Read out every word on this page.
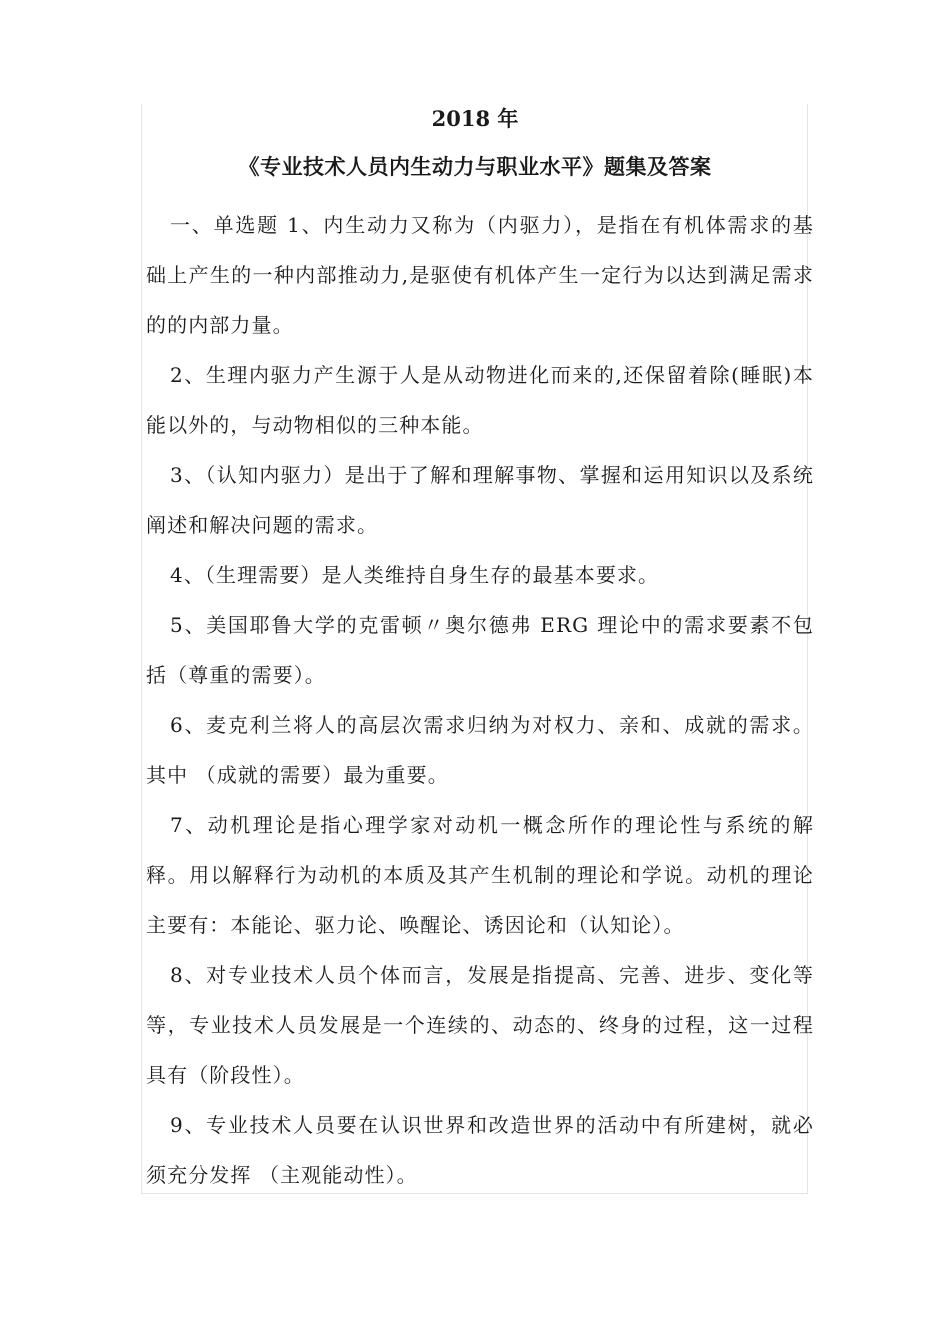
2018 年
《专业技术人员内生动力与职业水平》题集及答案

一、单选题 1、内生动力又称为（内驱力），是指在有机体需求的基础上产生的一种内部推动力,是驱使有机体产生一定行为以达到满足需求的的内部力量。

2、生理内驱力产生源于人是从动物进化而来的,还保留着除(睡眠)本能以外的，与动物相似的三种本能。

3、（认知内驱力）是出于了解和理解事物、掌握和运用知识以及系统阐述和解决问题的需求。

4、（生理需要）是人类维持自身生存的最基本要求。

5、美国耶鲁大学的克雷顿〃奥尔德弗 ERG 理论中的需求要素不包括（尊重的需要）。

6、麦克利兰将人的高层次需求归纳为对权力、亲和、成就的需求。其中 （成就的需要）最为重要。

7、动机理论是指心理学家对动机一概念所作的理论性与系统的解释。用以解释行为动机的本质及其产生机制的理论和学说。动机的理论主要有：本能论、驱力论、唤醒论、诱因论和（认知论）。

8、对专业技术人员个体而言，发展是指提高、完善、进步、变化等等，专业技术人员发展是一个连续的、动态的、终身的过程，这一过程具有（阶段性）。

9、专业技术人员要在认识世界和改造世界的活动中有所建树，就必须充分发挥 （主观能动性）。
